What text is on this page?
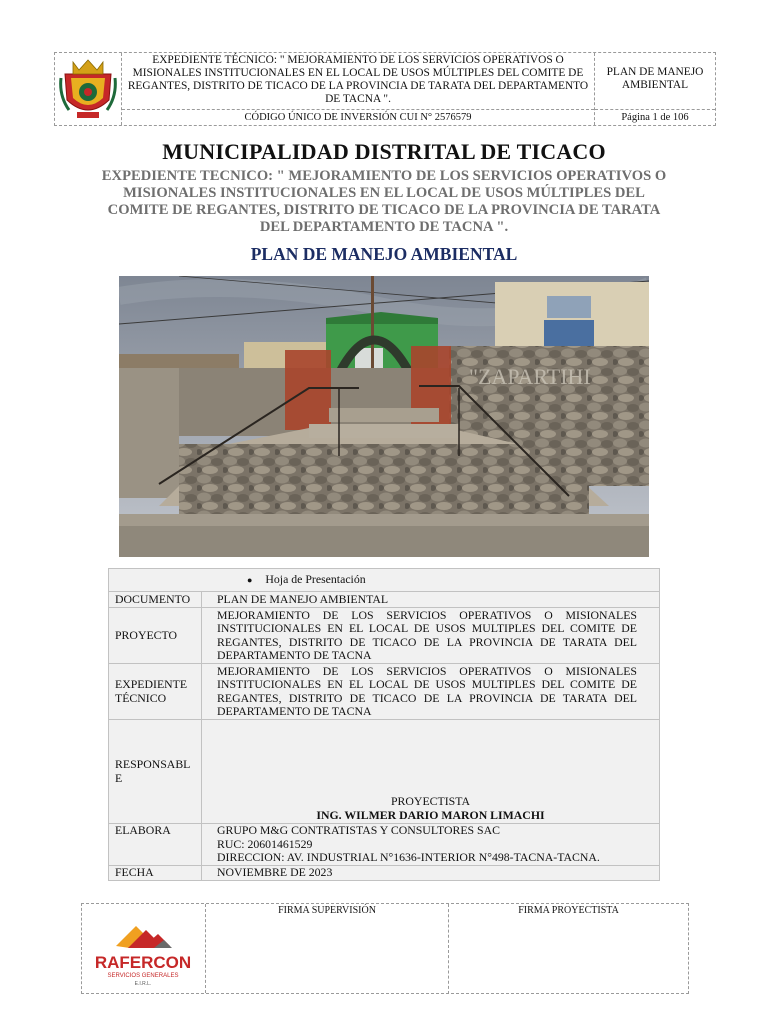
EXPEDIENTE TÉCNICO: " MEJORAMIENTO DE LOS SERVICIOS OPERATIVOS O MISIONALES INSTITUCIONALES EN EL LOCAL DE USOS MÚLTIPLES DEL COMITE DE REGANTES, DISTRITO DE TICACO DE LA PROVINCIA DE TARATA DEL DEPARTAMENTO DE TACNA ".
CÓDIGO ÚNICO DE INVERSIÓN CUI N° 2576579
PLAN DE MANEJO AMBIENTAL
Página 1 de 106
MUNICIPALIDAD DISTRITAL DE TICACO
EXPEDIENTE TECNICO: " MEJORAMIENTO DE LOS SERVICIOS OPERATIVOS O MISIONALES INSTITUCIONALES EN EL LOCAL DE USOS MÚLTIPLES DEL COMITE DE REGANTES, DISTRITO DE TICACO DE LA PROVINCIA DE TARATA DEL DEPARTAMENTO DE TACNA ".
PLAN DE MANEJO AMBIENTAL
"ZAPARTIHI
● Hoja de Presentación	
DOCUMENTO	PLAN DE MANEJO AMBIENTAL
PROYECTO	MEJORAMIENTO DE LOS SERVICIOS OPERATIVOS O MISIONALES INSTITUCIONALES EN EL LOCAL DE USOS MULTIPLES DEL COMITE DE REGANTES, DISTRITO DE TICACO DE LA PROVINCIA DE TARATA DEL DEPARTAMENTO DE TACNA
EXPEDIENTE TÉCNICO	MEJORAMIENTO DE LOS SERVICIOS OPERATIVOS O MISIONALES INSTITUCIONALES EN EL LOCAL DE USOS MULTIPLES DEL COMITE DE REGANTES, DISTRITO DE TICACO DE LA PROVINCIA DE TARATA DEL DEPARTAMENTO DE TACNA
RESPONSABLE	PROYECTISTA
ING. WILMER DARIO MARON LIMACHI

ELABORA	GRUPO M&G CONTRATISTAS Y CONSULTORES SAC
RUC: 20601461529
DIRECCION: AV. INDUSTRIAL N°1636-INTERIOR N°498-TACNA-TACNA.

FECHA	NOVIEMBRE DE 2023
RAFERCON
SERVICIOS GENERALES
E.I.R.L.
FIRMA SUPERVISIÓN	FIRMA PROYECTISTA
